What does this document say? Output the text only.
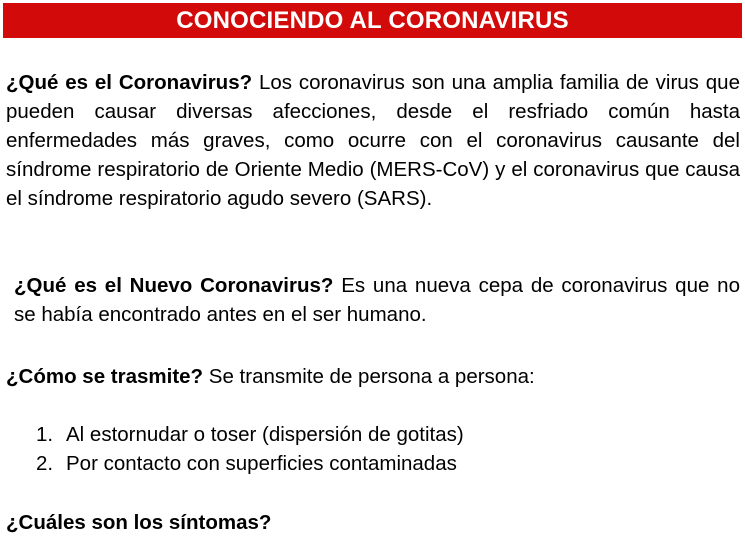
CONOCIENDO AL CORONAVIRUS

¿Qué es el Coronavirus? Los coronavirus son una amplia familia de virus que pueden causar diversas afecciones, desde el resfriado común hasta enfermedades más graves, como ocurre con el coronavirus causante del síndrome respiratorio de Oriente Medio (MERS-CoV) y el coronavirus que causa el síndrome respiratorio agudo severo (SARS).

¿Qué es el Nuevo Coronavirus? Es una nueva cepa de coronavirus que no se había encontrado antes en el ser humano.

¿Cómo se trasmite? Se transmite de persona a persona:

1. Al estornudar o toser (dispersión de gotitas)
2. Por contacto con superficies contaminadas

¿Cuáles son los síntomas?
